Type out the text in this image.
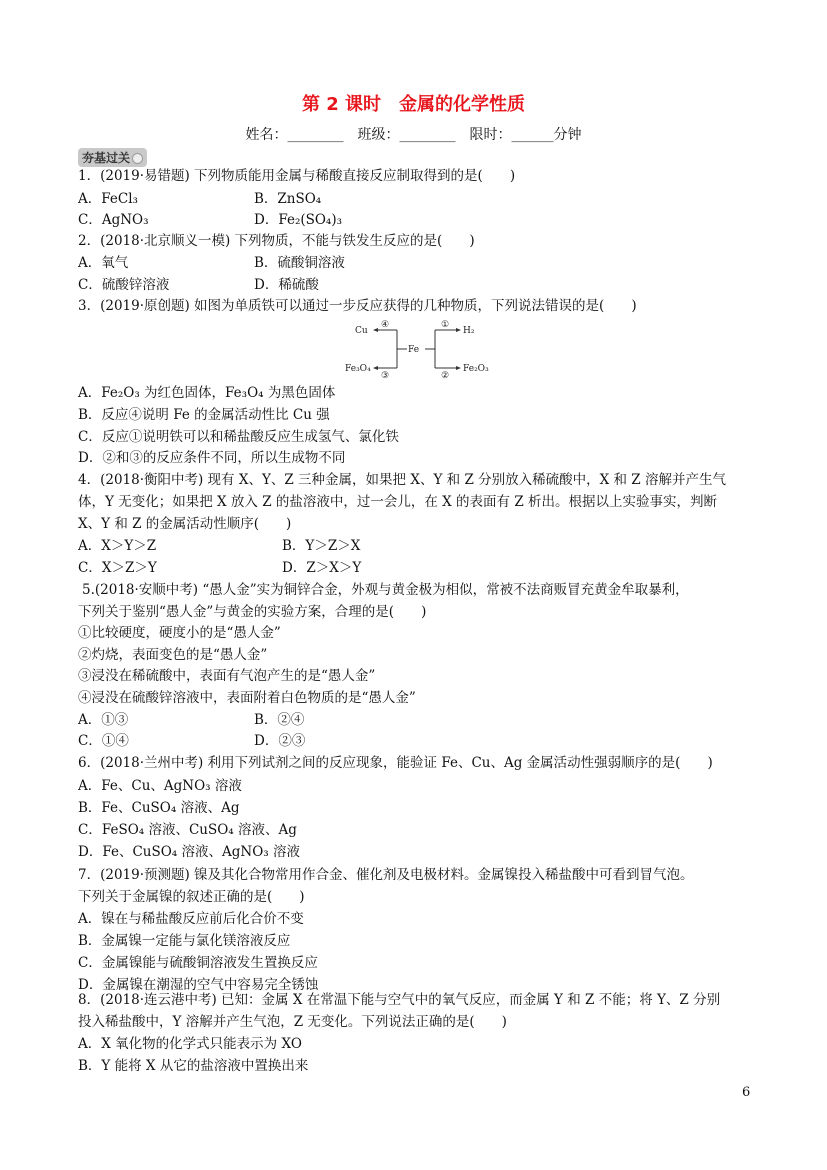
第 2 课时　金属的化学性质
姓名：________　班级：________　限时：______分钟
夯基过关
1．(2019·易错题) 下列物质能用金属与稀酸直接反应制取得到的是(　　)
A．FeCl₃	B．ZnSO₄
C．AgNO₃	D．Fe₂(SO₄)₃
2．(2018·北京顺义一模) 下列物质，不能与铁发生反应的是(　　)
A．氧气	B．硫酸铜溶液
C．硫酸锌溶液	D．稀硫酸
3．(2019·原创题) 如图为单质铁可以通过一步反应获得的几种物质，下列说法错误的是(　　)
Fe
④
③
①
②
Cu
Fe₃O₄
H₂
Fe₂O₃
A．Fe₂O₃ 为红色固体，Fe₃O₄ 为黑色固体
B．反应④说明 Fe 的金属活动性比 Cu 强
C．反应①说明铁可以和稀盐酸反应生成氢气、氯化铁
D．②和③的反应条件不同，所以生成物不同
4．(2018·衡阳中考) 现有 X、Y、Z 三种金属，如果把 X、Y 和 Z 分别放入稀硫酸中，X 和 Z 溶解并产生气
体，Y 无变化；如果把 X 放入 Z 的盐溶液中，过一会儿，在 X 的表面有 Z 析出。根据以上实验事实，判断
X、Y 和 Z 的金属活动性顺序(　　)
A．X＞Y＞Z	B．Y＞Z＞X
C．X＞Z＞Y	D．Z＞X＞Y
5.(2018·安顺中考) “愚人金”实为铜锌合金，外观与黄金极为相似，常被不法商贩冒充黄金牟取暴利，
下列关于鉴别“愚人金”与黄金的实验方案，合理的是(　　)
①比较硬度，硬度小的是“愚人金”
②灼烧，表面变色的是“愚人金”
③浸没在稀硫酸中，表面有气泡产生的是“愚人金”
④浸没在硫酸锌溶液中，表面附着白色物质的是“愚人金”
A．①③	B．②④
C．①④	D．②③
6．(2018·兰州中考) 利用下列试剂之间的反应现象，能验证 Fe、Cu、Ag 金属活动性强弱顺序的是(　　)
A．Fe、Cu、AgNO₃ 溶液
B．Fe、CuSO₄ 溶液、Ag
C．FeSO₄ 溶液、CuSO₄ 溶液、Ag
D．Fe、CuSO₄ 溶液、AgNO₃ 溶液
7．(2019·预测题) 镍及其化合物常用作合金、催化剂及电极材料。金属镍投入稀盐酸中可看到冒气泡。
下列关于金属镍的叙述正确的是(　　)
A．镍在与稀盐酸反应前后化合价不变
B．金属镍一定能与氯化镁溶液反应
C．金属镍能与硫酸铜溶液发生置换反应
D．金属镍在潮湿的空气中容易完全锈蚀
8．(2018·连云港中考) 已知：金属 X 在常温下能与空气中的氧气反应，而金属 Y 和 Z 不能；将 Y、Z 分别
投入稀盐酸中，Y 溶解并产生气泡，Z 无变化。下列说法正确的是(　　)
A．X 氧化物的化学式只能表示为 XO
B．Y 能将 X 从它的盐溶液中置换出来
6
